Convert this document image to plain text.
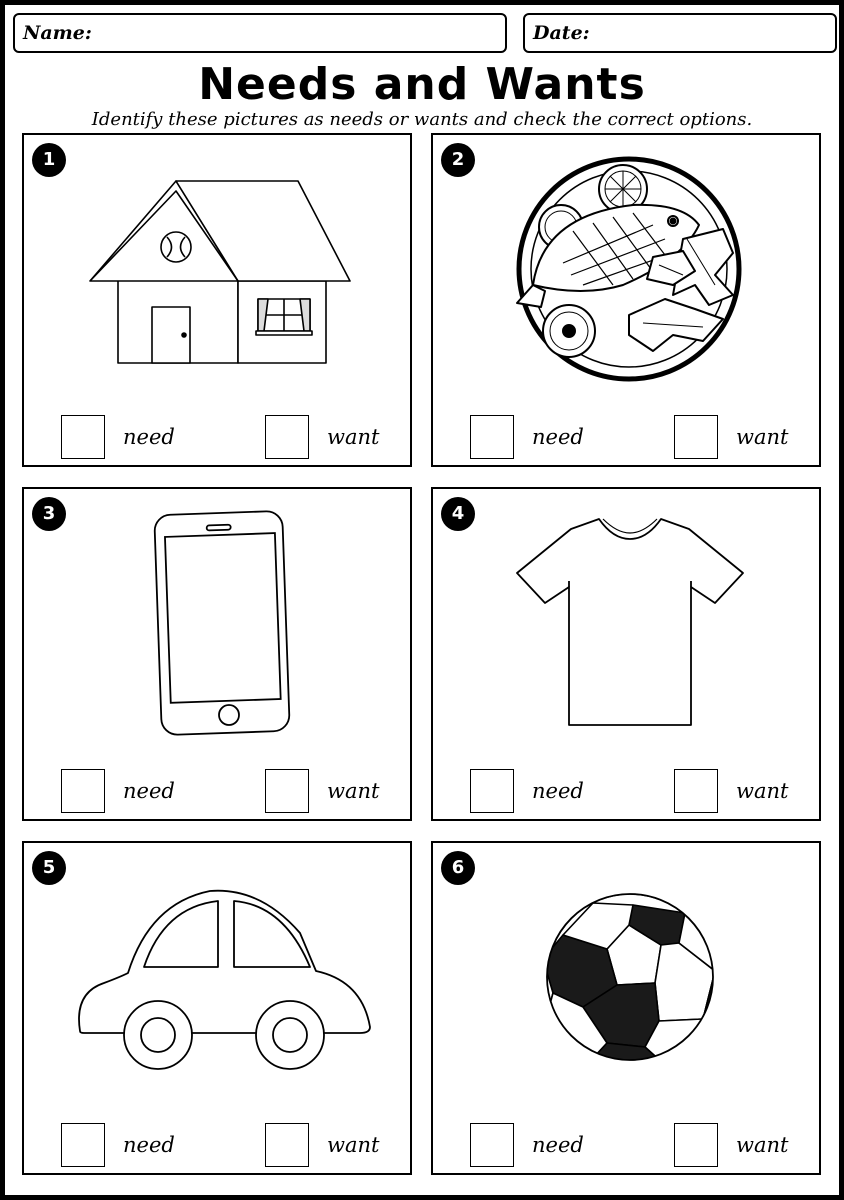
Name:	Date:
Needs and Wants
Identify these pictures as needs or wants and check the correct options.
1
need	want
2
need	want
3
need	want
4
need	want
5
need	want
6
need	want
